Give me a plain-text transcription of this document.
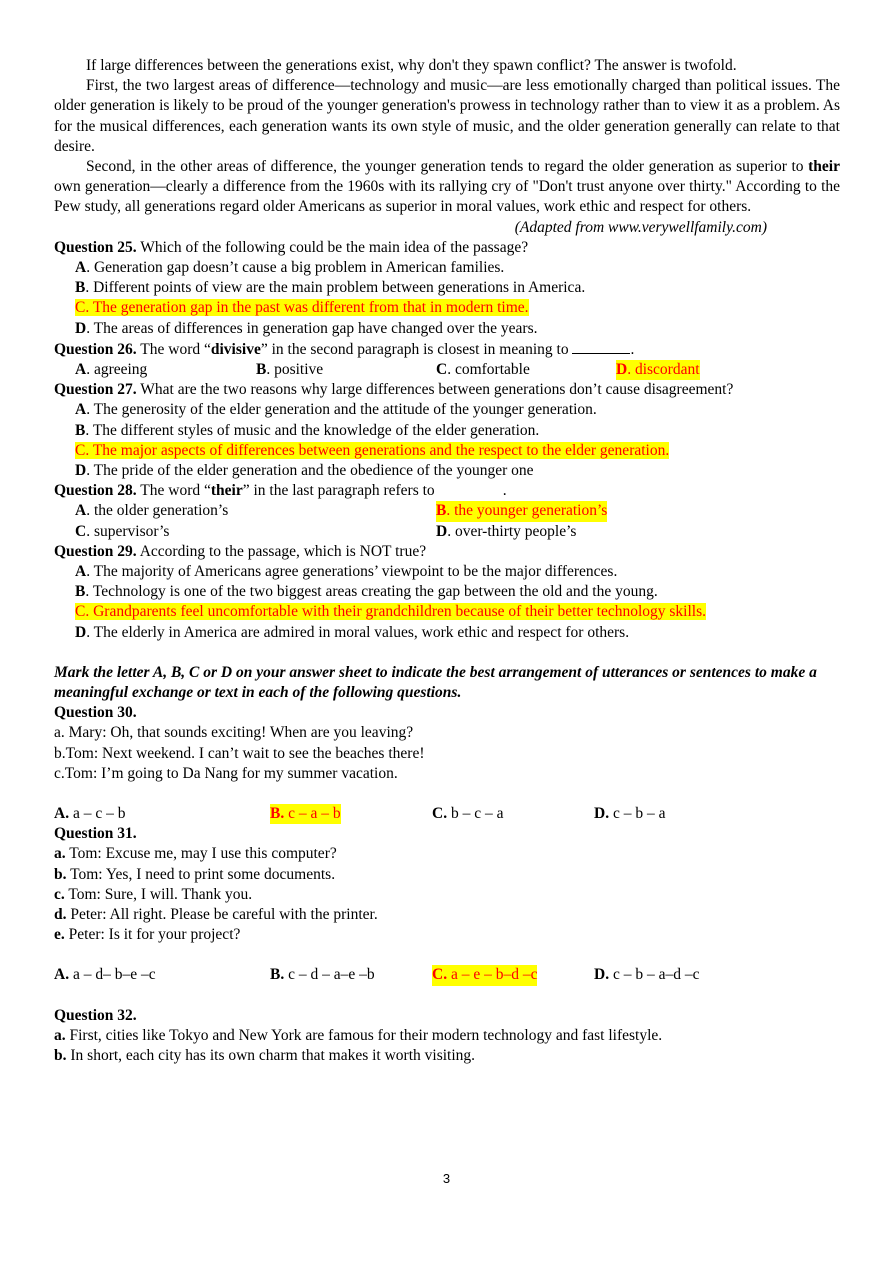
If large differences between the generations exist, why don't they spawn conflict? The answer is twofold.

First, the two largest areas of difference—technology and music—are less emotionally charged than political issues. The older generation is likely to be proud of the younger generation's prowess in technology rather than to view it as a problem. As for the musical differences, each generation wants its own style of music, and the older generation generally can relate to that desire.

Second, in the other areas of difference, the younger generation tends to regard the older generation as superior to their own generation—clearly a difference from the 1960s with its rallying cry of "Don't trust anyone over thirty." According to the Pew study, all generations regard older Americans as superior in moral values, work ethic and respect for others.

(Adapted from www.verywellfamily.com)

Question 25. Which of the following could be the main idea of the passage?

A. Generation gap doesn’t cause a big problem in American families.

B. Different points of view are the main problem between generations in America.

C. The generation gap in the past was different from that in modern time.

D. The areas of differences in generation gap have changed over the years.

Question 26. The word “divisive” in the second paragraph is closest in meaning to	.

A. agreeing	B. positive	C. comfortable	D. discordant

Question 27. What are the two reasons why large differences between generations don’t cause disagreement?

A. The generosity of the elder generation and the attitude of the younger generation.

B. The different styles of music and the knowledge of the elder generation.

C. The major aspects of differences between generations and the respect to the elder generation.

D. The pride of the elder generation and the obedience of the younger one

Question 28. The word “their” in the last paragraph refers to	.

A. the older generation’s	B. the younger generation’s
C. supervisor’s	D. over-thirty people’s

Question 29. According to the passage, which is NOT true?

A. The majority of Americans agree generations’ viewpoint to be the major differences.

B. Technology is one of the two biggest areas creating the gap between the old and the young.

C. Grandparents feel uncomfortable with their grandchildren because of their better technology skills.

D. The elderly in America are admired in moral values, work ethic and respect for others.

Mark the letter A, B, C or D on your answer sheet to indicate the best arrangement of utterances or sentences to make a meaningful exchange or text in each of the following questions.

Question 30.

a. Mary: Oh, that sounds exciting! When are you leaving?

b.Tom: Next weekend. I can’t wait to see the beaches there!

c.Tom: I’m going to Da Nang for my summer vacation.

A. a – c – b	B. c – a – b	C. b – c – a	D. c – b – a

Question 31.

a. Tom: Excuse me, may I use this computer?

b. Tom: Yes, I need to print some documents.

c. Tom: Sure, I will. Thank you.

d. Peter: All right. Please be careful with the printer.

e. Peter: Is it for your project?

A. a – d– b–e –c	B. c – d – a–e –b	C. a – e – b–d –c	D. c – b – a–d –c

Question 32.

a. First, cities like Tokyo and New York are famous for their modern technology and fast lifestyle.

b. In short, each city has its own charm that makes it worth visiting.

3
